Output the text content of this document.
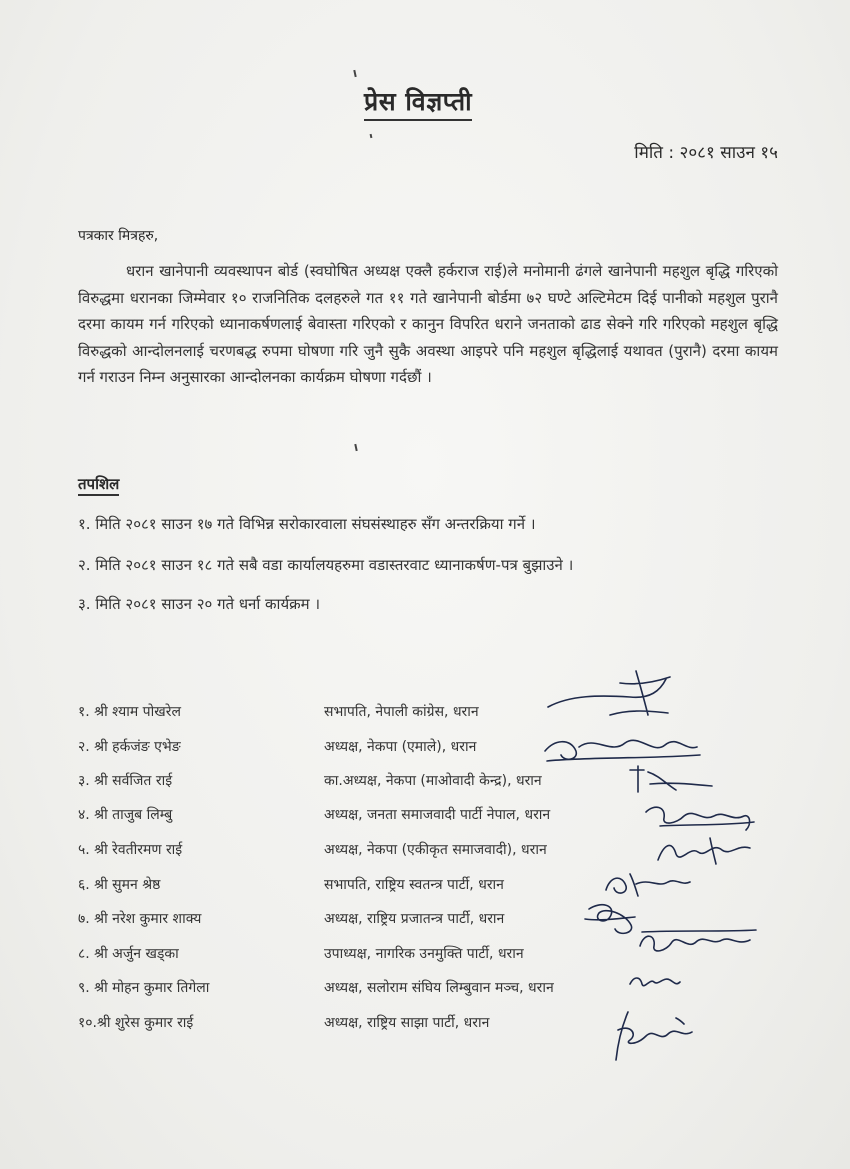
प्रेस विज्ञप्ती
मिति : २०८१ साउन १५
पत्रकार मित्रहरु,
धरान खानेपानी व्यवस्थापन बोर्ड (स्वघोषित अध्यक्ष एक्लै हर्कराज राई)ले मनोमानी ढंगले खानेपानी महशुल बृद्धि गरिएको विरुद्धमा धरानका जिम्मेवार १० राजनितिक दलहरुले गत ११ गते खानेपानी बोर्डमा ७२ घण्टे अल्टिमेटम दिई पानीको महशुल पुरानै दरमा कायम गर्न गरिएको ध्यानाकर्षणलाई बेवास्ता गरिएको र कानुन विपरित धराने जनताको ढाड सेक्ने गरि गरिएको महशुल बृद्धि विरुद्धको आन्दोलनलाई चरणबद्ध रुपमा घोषणा गरि जुनै सुकै अवस्था आइपरे पनि महशुल बृद्धिलाई यथावत (पुरानै) दरमा कायम गर्न गराउन निम्न अनुसारका आन्दोलनका कार्यक्रम घोषणा गर्दछौं ।
तपशिल
१. मिति २०८१ साउन १७ गते विभिन्न सरोकारवाला संघसंस्थाहरु सँग अन्तरक्रिया गर्ने ।
२. मिति २०८१ साउन १८ गते सबै वडा कार्यालयहरुमा वडास्तरवाट ध्यानाकर्षण-पत्र बुझाउने ।
३. मिति २०८१ साउन २० गते धर्ना कार्यक्रम ।
१. श्री श्याम पोखरेल	सभापति, नेपाली कांग्रेस, धरान
२. श्री हर्कजंङ एभेङ	अध्यक्ष, नेकपा (एमाले), धरान
३. श्री सर्वजित राई	का.अध्यक्ष, नेकपा (माओवादी केन्द्र), धरान
४. श्री ताजुब लिम्बु	अध्यक्ष, जनता समाजवादी पार्टी नेपाल, धरान
५. श्री रेवतीरमण राई	अध्यक्ष, नेकपा (एकीकृत समाजवादी), धरान
६. श्री सुमन श्रेष्ठ	सभापति, राष्ट्रिय स्वतन्त्र पार्टी, धरान
७. श्री नरेश कुमार शाक्य	अध्यक्ष, राष्ट्रिय प्रजातन्त्र पार्टी, धरान
८. श्री अर्जुन खड्का	उपाध्यक्ष, नागरिक उनमुक्ति पार्टी, धरान
९. श्री मोहन कुमार तिगेला	अध्यक्ष, सलोराम संघिय लिम्बुवान मञ्च, धरान
१०.श्री शुरेस कुमार राई	अध्यक्ष, राष्ट्रिय साझा पार्टी, धरान
